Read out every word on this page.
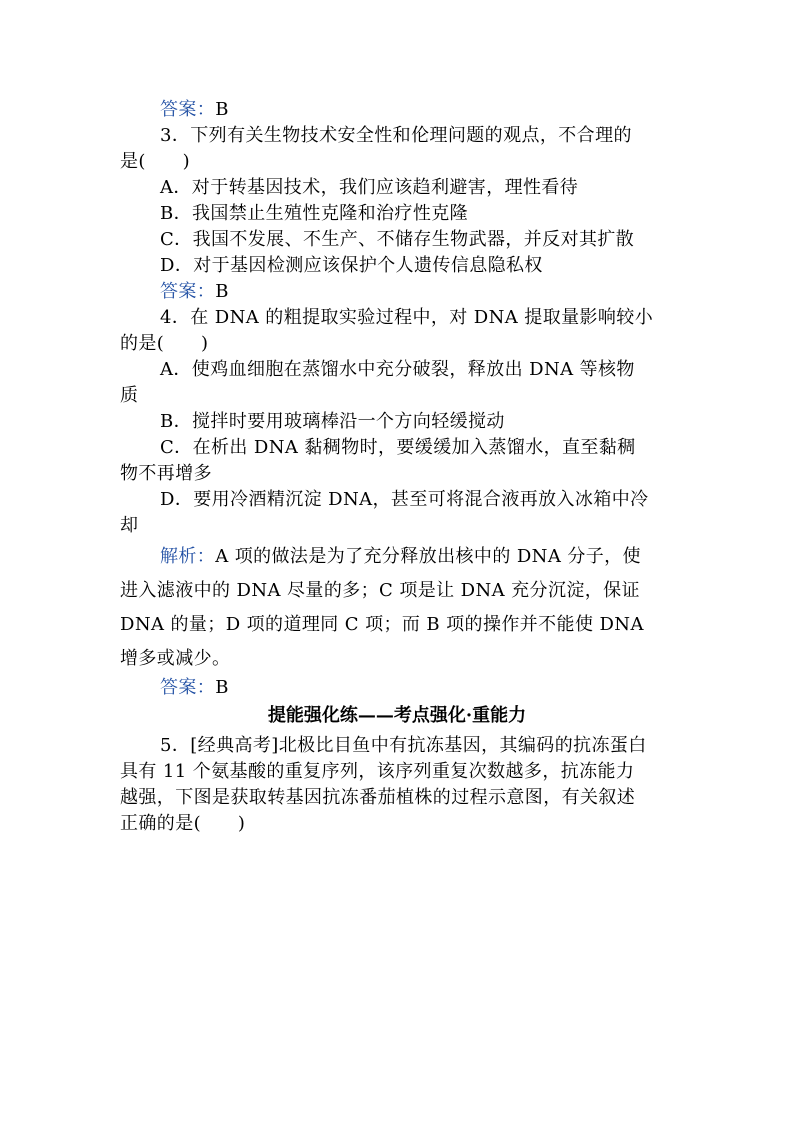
答案：B
3．下列有关生物技术安全性和伦理问题的观点，不合理的
是(　　)
A．对于转基因技术，我们应该趋利避害，理性看待
B．我国禁止生殖性克隆和治疗性克隆
C．我国不发展、不生产、不储存生物武器，并反对其扩散
D．对于基因检测应该保护个人遗传信息隐私权
答案：B
4．在 DNA 的粗提取实验过程中，对 DNA 提取量影响较小
的是(　　)
A．使鸡血细胞在蒸馏水中充分破裂，释放出 DNA 等核物
质
B．搅拌时要用玻璃棒沿一个方向轻缓搅动
C．在析出 DNA 黏稠物时，要缓缓加入蒸馏水，直至黏稠
物不再增多
D．要用冷酒精沉淀 DNA，甚至可将混合液再放入冰箱中冷
却
解析：A 项的做法是为了充分释放出核中的 DNA 分子，使
进入滤液中的 DNA 尽量的多；C 项是让 DNA 充分沉淀，保证
DNA 的量；D 项的道理同 C 项；而 B 项的操作并不能使 DNA
增多或减少。
答案：B
提能强化练——考点强化·重能力
5．[经典高考]北极比目鱼中有抗冻基因，其编码的抗冻蛋白
具有 11 个氨基酸的重复序列，该序列重复次数越多，抗冻能力
越强，下图是获取转基因抗冻番茄植株的过程示意图，有关叙述
正确的是(　　)
